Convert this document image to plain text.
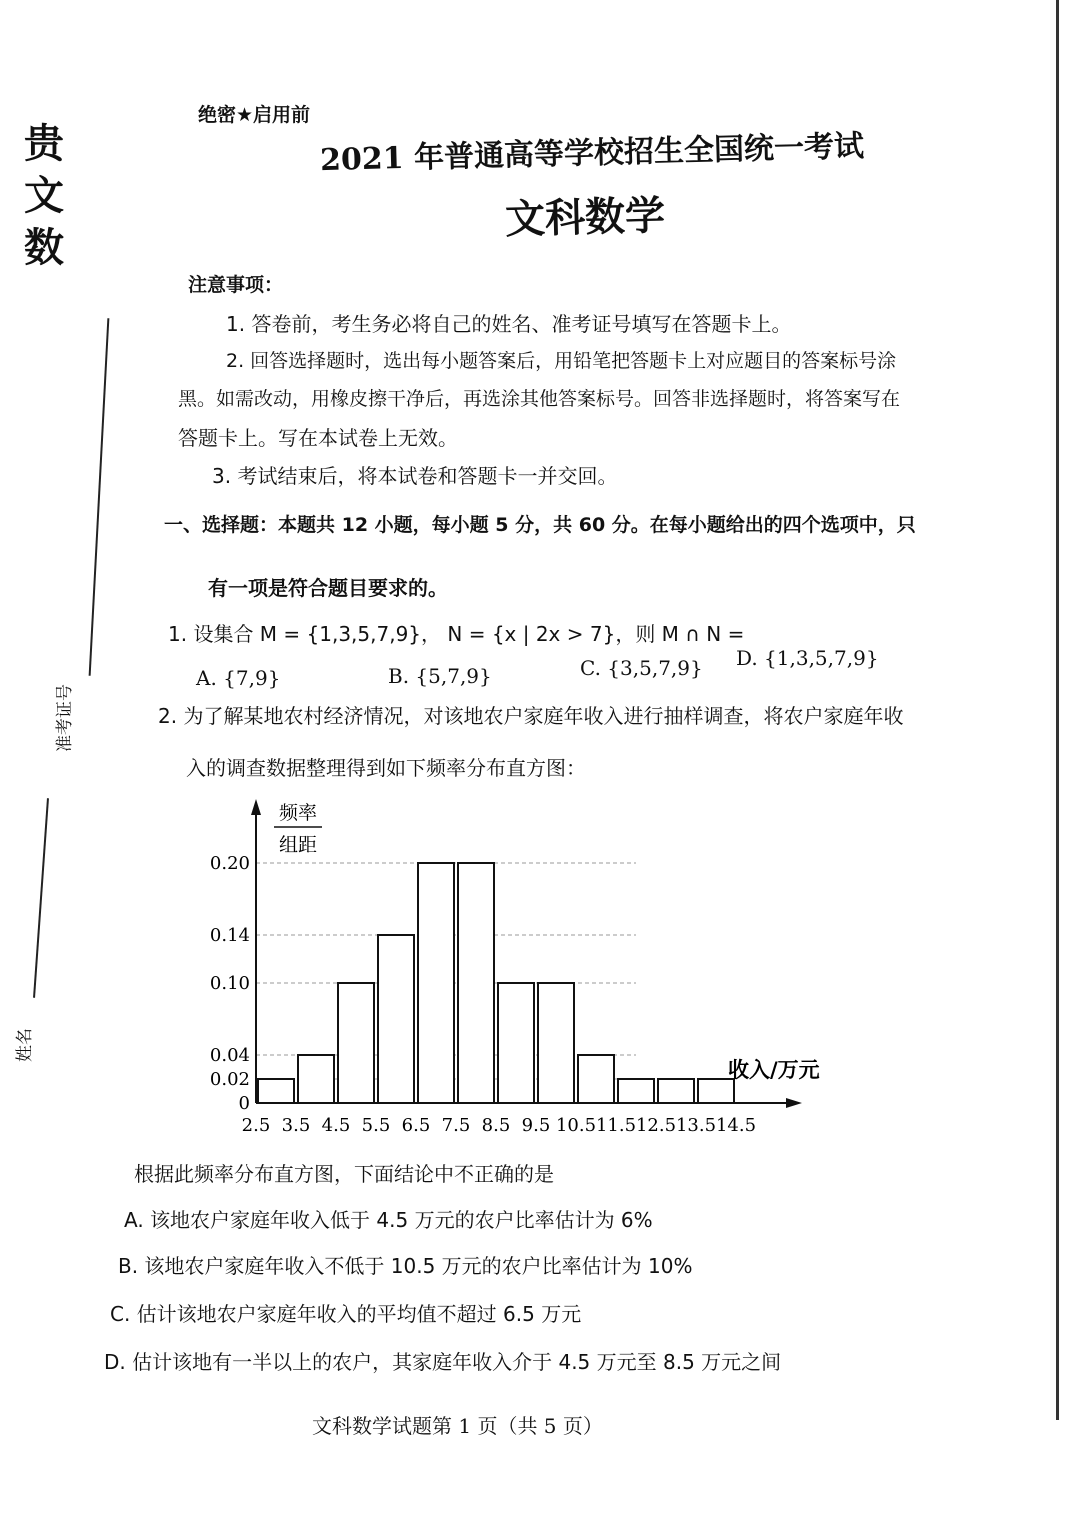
贵文数
准考证号
姓名
绝密★启用前
2021 年普通高等学校招生全国统一考试
文科数学
注意事项：
1. 答卷前，考生务必将自己的姓名、准考证号填写在答题卡上。
2. 回答选择题时，选出每小题答案后，用铅笔把答题卡上对应题目的答案标号涂
黑。如需改动，用橡皮擦干净后，再选涂其他答案标号。回答非选择题时，将答案写在
答题卡上。写在本试卷上无效。
3. 考试结束后，将本试卷和答题卡一并交回。
一、选择题：本题共 12 小题，每小题 5 分，共 60 分。在每小题给出的四个选项中，只
有一项是符合题目要求的。
1. 设集合 M = {1,3,5,7,9}， N = {x | 2x > 7}，则 M ∩ N =
A. {7,9}	B. {5,7,9}	C. {3,5,7,9} D. {1,3,5,7,9}
2. 为了解某地农村经济情况，对该地农户家庭年收入进行抽样调查，将农户家庭年收
入的调查数据整理得到如下频率分布直方图：
0
0.02
0.04
0.10
0.14
0.20
2.5 3.5 4.5 5.5 6.5 7.5 8.5 9.5 10.5 11.5 12.5 13.5 14.5
频率
组距
收入/万元
根据此频率分布直方图，下面结论中不正确的是
A. 该地农户家庭年收入低于 4.5 万元的农户比率估计为 6%
B. 该地农户家庭年收入不低于 10.5 万元的农户比率估计为 10%
C. 估计该地农户家庭年收入的平均值不超过 6.5 万元
D. 估计该地有一半以上的农户，其家庭年收入介于 4.5 万元至 8.5 万元之间
文科数学试题第 1 页（共 5 页）
